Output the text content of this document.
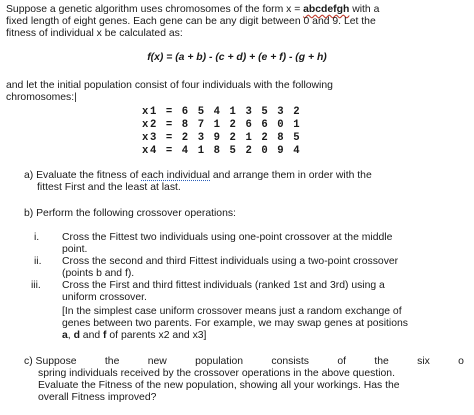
Suppose a genetic algorithm uses chromosomes of the form x = abcdefgh with a
fixed length of eight genes. Each gene can be any digit between 0 and 9. Let the
fitness of individual x be calculated as:
f(x) = (a + b) - (c + d) + (e + f) - (g + h)
and let the initial population consist of four individuals with the following
chromosomes:|
x1 = 6 5 4 1 3 5 3 2
x2 = 8 7 1 2 6 6 0 1
x3 = 2 3 9 2 1 2 8 5
x4 = 4 1 8 5 2 0 9 4
a) Evaluate the fitness of each individual and arrange them in order with the
fittest First and the least at last.
b) Perform the following crossover operations:
i. Cross the Fittest two individuals using one-point crossover at the middle
point.
ii. Cross the second and third Fittest individuals using a two-point crossover
(points b and f).
iii. Cross the First and third fittest individuals (ranked 1st and 3rd) using a
uniform crossover.
[In the simplest case uniform crossover means just a random exchange of
genes between two parents. For example, we may swap genes at positions
a, d and f of parents x2 and x3]
c) Suppose	the	new	population	consists	of	the	six	o
spring individuals received by the crossover operations in the above question.
Evaluate the Fitness of the new population, showing all your workings. Has the
overall Fitness improved?
